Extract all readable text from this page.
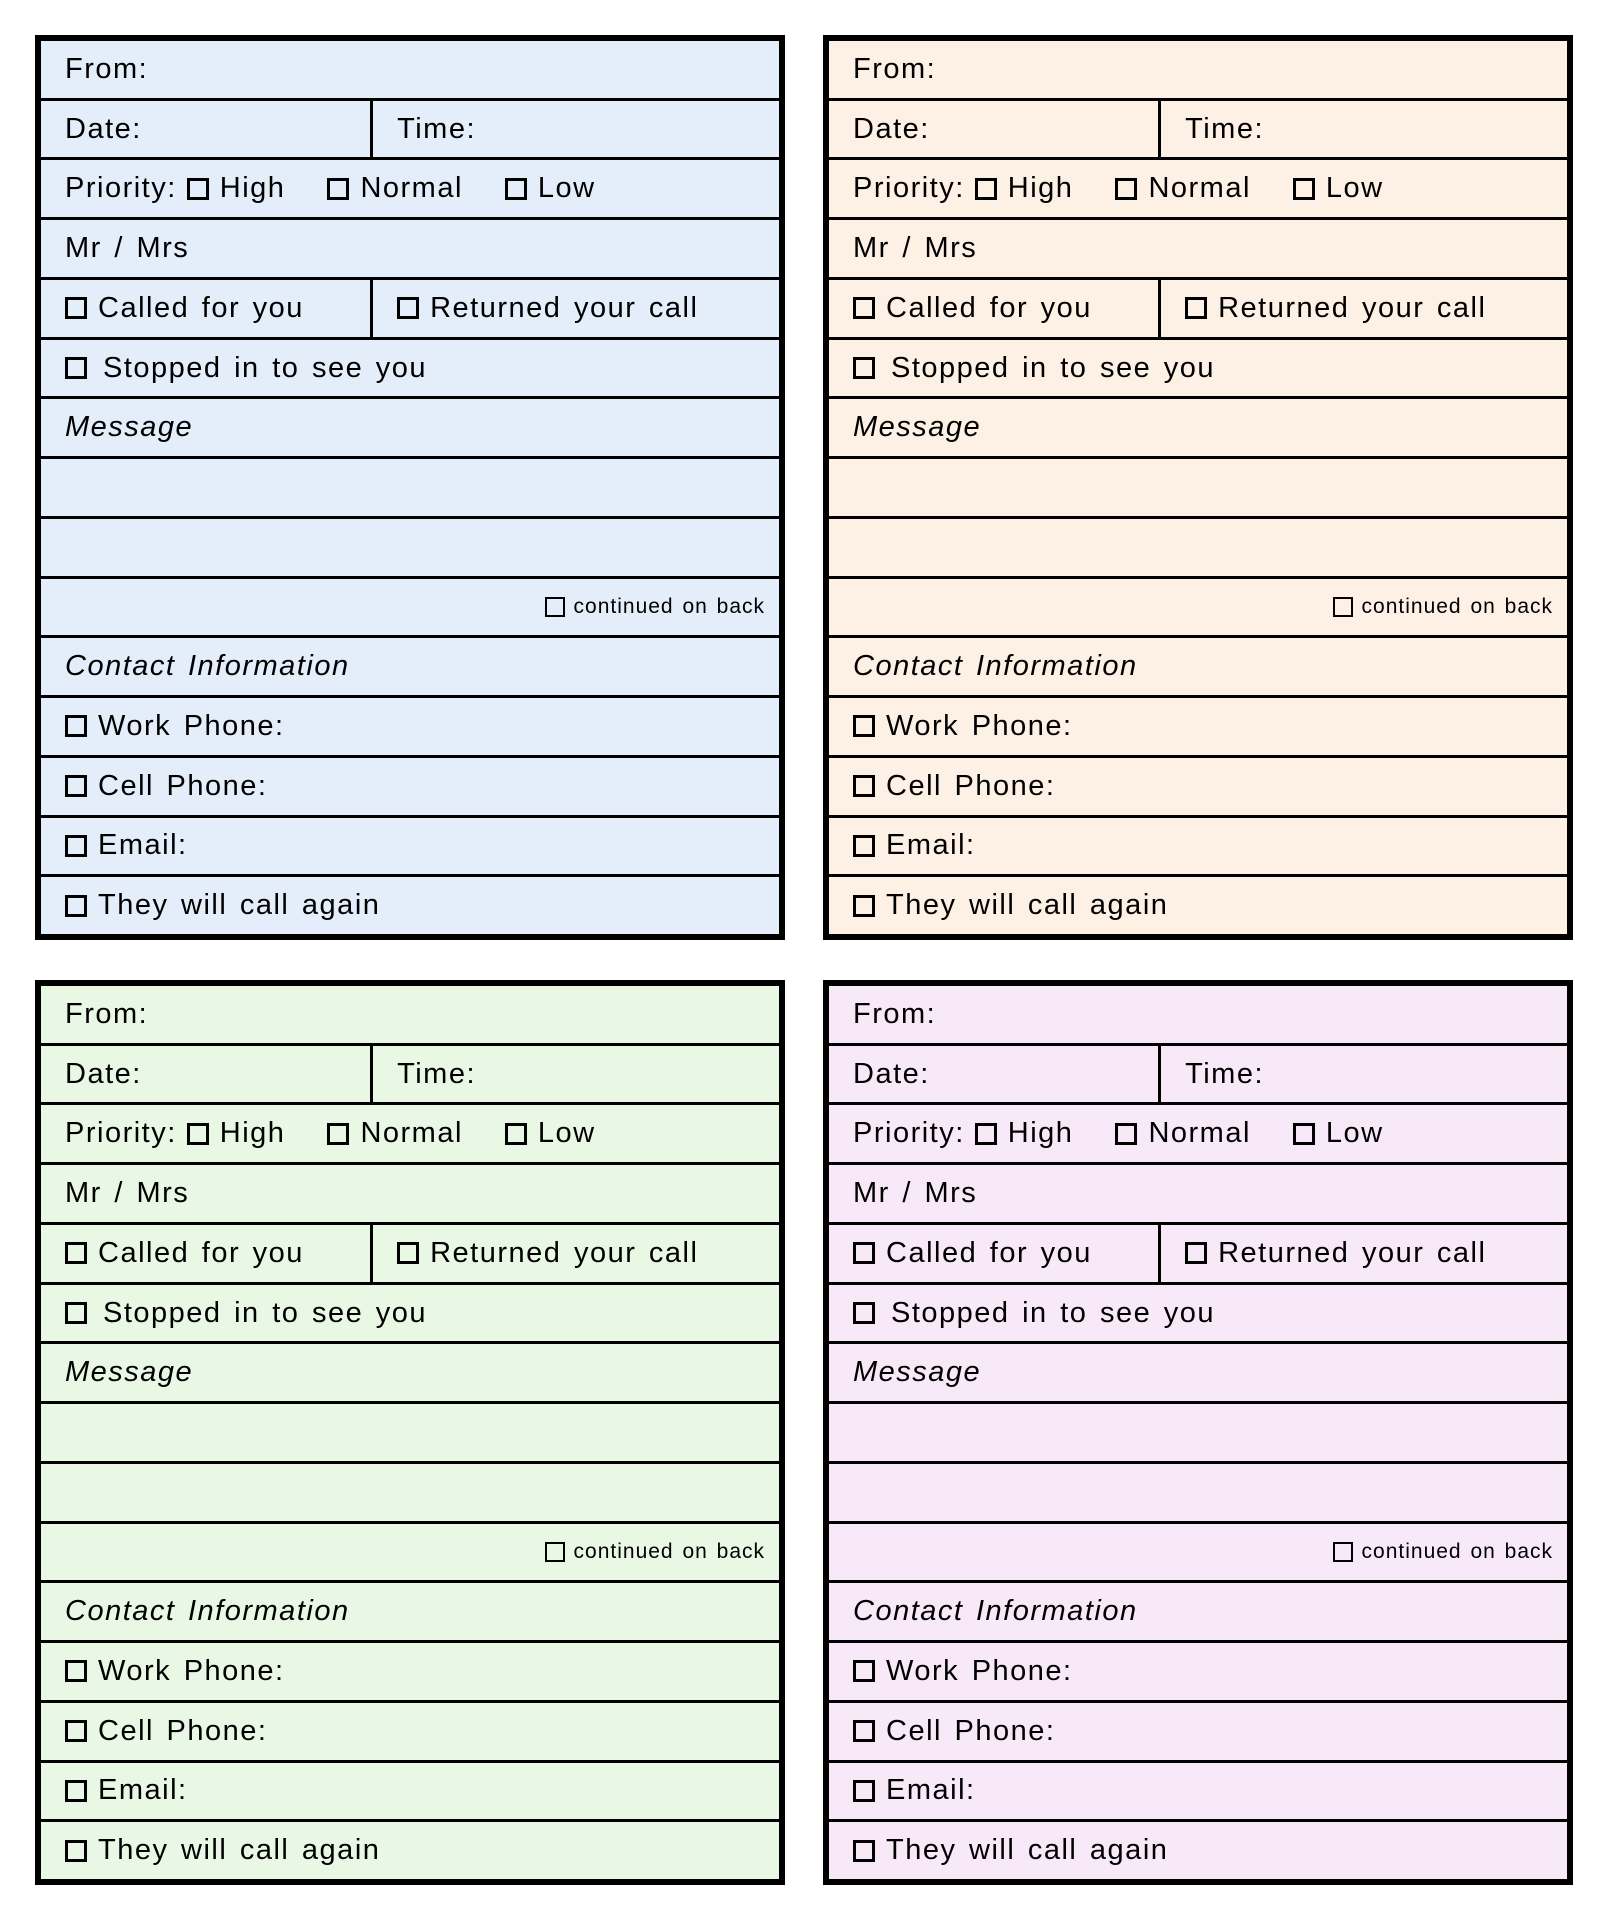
From:
Date:	Time:
Priority: High	Normal	Low
Mr / Mrs
Called for you	Returned your call
Stopped in to see you
Message
continued on back
Contact Information
Work Phone:
Cell Phone:
Email:
They will call again
From:
Date:	Time:
Priority: High	Normal	Low
Mr / Mrs
Called for you	Returned your call
Stopped in to see you
Message
continued on back
Contact Information
Work Phone:
Cell Phone:
Email:
They will call again
From:
Date:	Time:
Priority: High	Normal	Low
Mr / Mrs
Called for you	Returned your call
Stopped in to see you
Message
continued on back
Contact Information
Work Phone:
Cell Phone:
Email:
They will call again
From:
Date:	Time:
Priority: High	Normal	Low
Mr / Mrs
Called for you	Returned your call
Stopped in to see you
Message
continued on back
Contact Information
Work Phone:
Cell Phone:
Email:
They will call again
